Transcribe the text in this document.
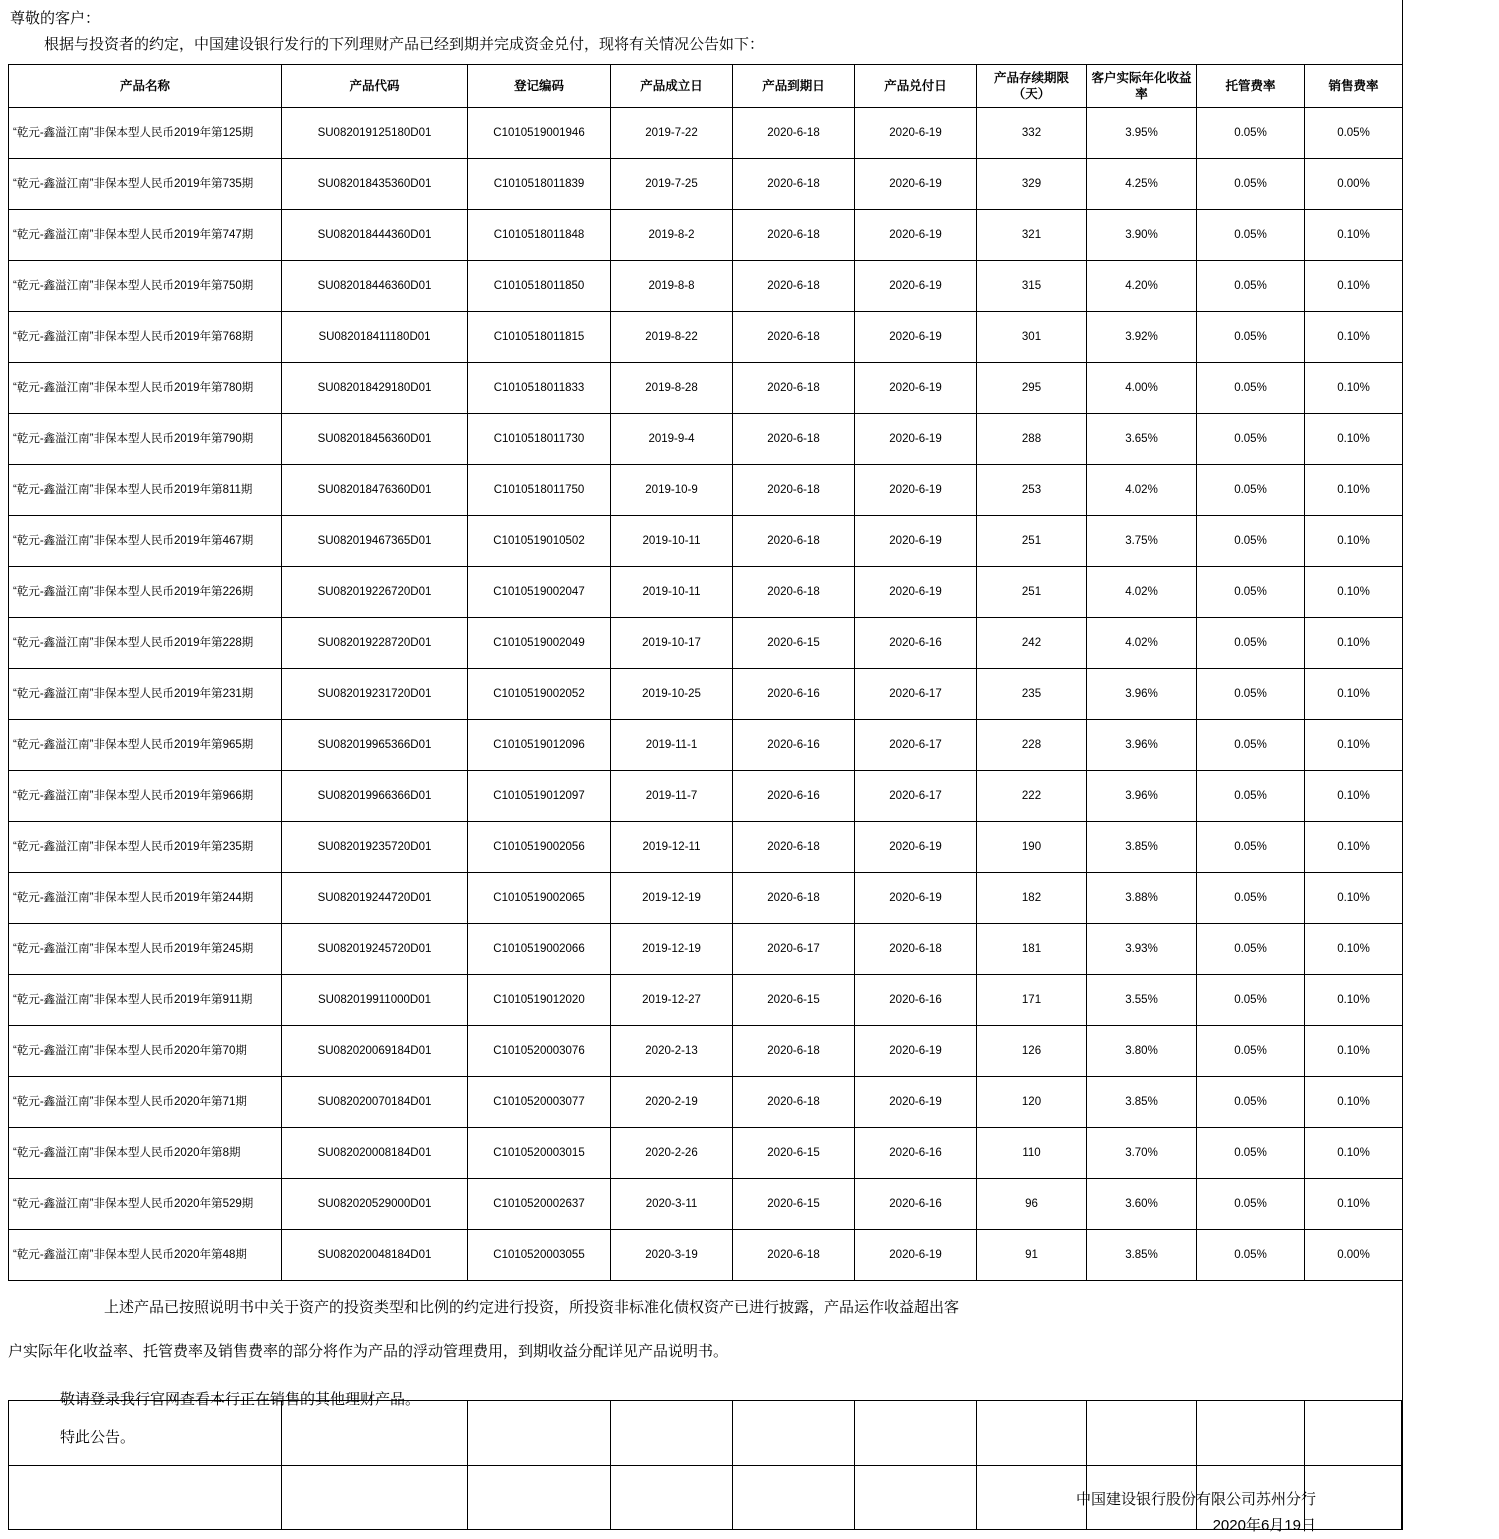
尊敬的客户：
根据与投资者的约定，中国建设银行发行的下列理财产品已经到期并完成资金兑付，现将有关情况公告如下：
产品名称	产品代码	登记编码	产品成立日	产品到期日	产品兑付日	产品存续期限（天）	客户实际年化收益率	托管费率	销售费率
“乾元-鑫溢江南”非保本型人民币2019年第125期	SU082019125180D01	C1010519001946	2019-7-22	2020-6-18	2020-6-19	332	3.95%	0.05%	0.05%
“乾元-鑫溢江南”非保本型人民币2019年第735期	SU082018435360D01	C1010518011839	2019-7-25	2020-6-18	2020-6-19	329	4.25%	0.05%	0.00%
“乾元-鑫溢江南”非保本型人民币2019年第747期	SU082018444360D01	C1010518011848	2019-8-2	2020-6-18	2020-6-19	321	3.90%	0.05%	0.10%
“乾元-鑫溢江南”非保本型人民币2019年第750期	SU082018446360D01	C1010518011850	2019-8-8	2020-6-18	2020-6-19	315	4.20%	0.05%	0.10%
“乾元-鑫溢江南”非保本型人民币2019年第768期	SU082018411180D01	C1010518011815	2019-8-22	2020-6-18	2020-6-19	301	3.92%	0.05%	0.10%
“乾元-鑫溢江南”非保本型人民币2019年第780期	SU082018429180D01	C1010518011833	2019-8-28	2020-6-18	2020-6-19	295	4.00%	0.05%	0.10%
“乾元-鑫溢江南”非保本型人民币2019年第790期	SU082018456360D01	C1010518011730	2019-9-4	2020-6-18	2020-6-19	288	3.65%	0.05%	0.10%
“乾元-鑫溢江南”非保本型人民币2019年第811期	SU082018476360D01	C1010518011750	2019-10-9	2020-6-18	2020-6-19	253	4.02%	0.05%	0.10%
“乾元-鑫溢江南”非保本型人民币2019年第467期	SU082019467365D01	C1010519010502	2019-10-11	2020-6-18	2020-6-19	251	3.75%	0.05%	0.10%
“乾元-鑫溢江南”非保本型人民币2019年第226期	SU082019226720D01	C1010519002047	2019-10-11	2020-6-18	2020-6-19	251	4.02%	0.05%	0.10%
“乾元-鑫溢江南”非保本型人民币2019年第228期	SU082019228720D01	C1010519002049	2019-10-17	2020-6-15	2020-6-16	242	4.02%	0.05%	0.10%
“乾元-鑫溢江南”非保本型人民币2019年第231期	SU082019231720D01	C1010519002052	2019-10-25	2020-6-16	2020-6-17	235	3.96%	0.05%	0.10%
“乾元-鑫溢江南”非保本型人民币2019年第965期	SU082019965366D01	C1010519012096	2019-11-1	2020-6-16	2020-6-17	228	3.96%	0.05%	0.10%
“乾元-鑫溢江南”非保本型人民币2019年第966期	SU082019966366D01	C1010519012097	2019-11-7	2020-6-16	2020-6-17	222	3.96%	0.05%	0.10%
“乾元-鑫溢江南”非保本型人民币2019年第235期	SU082019235720D01	C1010519002056	2019-12-11	2020-6-18	2020-6-19	190	3.85%	0.05%	0.10%
“乾元-鑫溢江南”非保本型人民币2019年第244期	SU082019244720D01	C1010519002065	2019-12-19	2020-6-18	2020-6-19	182	3.88%	0.05%	0.10%
“乾元-鑫溢江南”非保本型人民币2019年第245期	SU082019245720D01	C1010519002066	2019-12-19	2020-6-17	2020-6-18	181	3.93%	0.05%	0.10%
“乾元-鑫溢江南”非保本型人民币2019年第911期	SU082019911000D01	C1010519012020	2019-12-27	2020-6-15	2020-6-16	171	3.55%	0.05%	0.10%
“乾元-鑫溢江南”非保本型人民币2020年第70期	SU082020069184D01	C1010520003076	2020-2-13	2020-6-18	2020-6-19	126	3.80%	0.05%	0.10%
“乾元-鑫溢江南”非保本型人民币2020年第71期	SU082020070184D01	C1010520003077	2020-2-19	2020-6-18	2020-6-19	120	3.85%	0.05%	0.10%
“乾元-鑫溢江南”非保本型人民币2020年第8期	SU082020008184D01	C1010520003015	2020-2-26	2020-6-15	2020-6-16	110	3.70%	0.05%	0.10%
“乾元-鑫溢江南”非保本型人民币2020年第529期	SU082020529000D01	C1010520002637	2020-3-11	2020-6-15	2020-6-16	96	3.60%	0.05%	0.10%
“乾元-鑫溢江南”非保本型人民币2020年第48期	SU082020048184D01	C1010520003055	2020-3-19	2020-6-18	2020-6-19	91	3.85%	0.05%	0.00%
上述产品已按照说明书中关于资产的投资类型和比例的约定进行投资，所投资非标准化债权资产已进行披露，产品运作收益超出客
户实际年化收益率、托管费率及销售费率的部分将作为产品的浮动管理费用，到期收益分配详见产品说明书。
敬请登录我行官网查看本行正在销售的其他理财产品。
特此公告。
中国建设银行股份有限公司苏州分行
2020年6月19日
